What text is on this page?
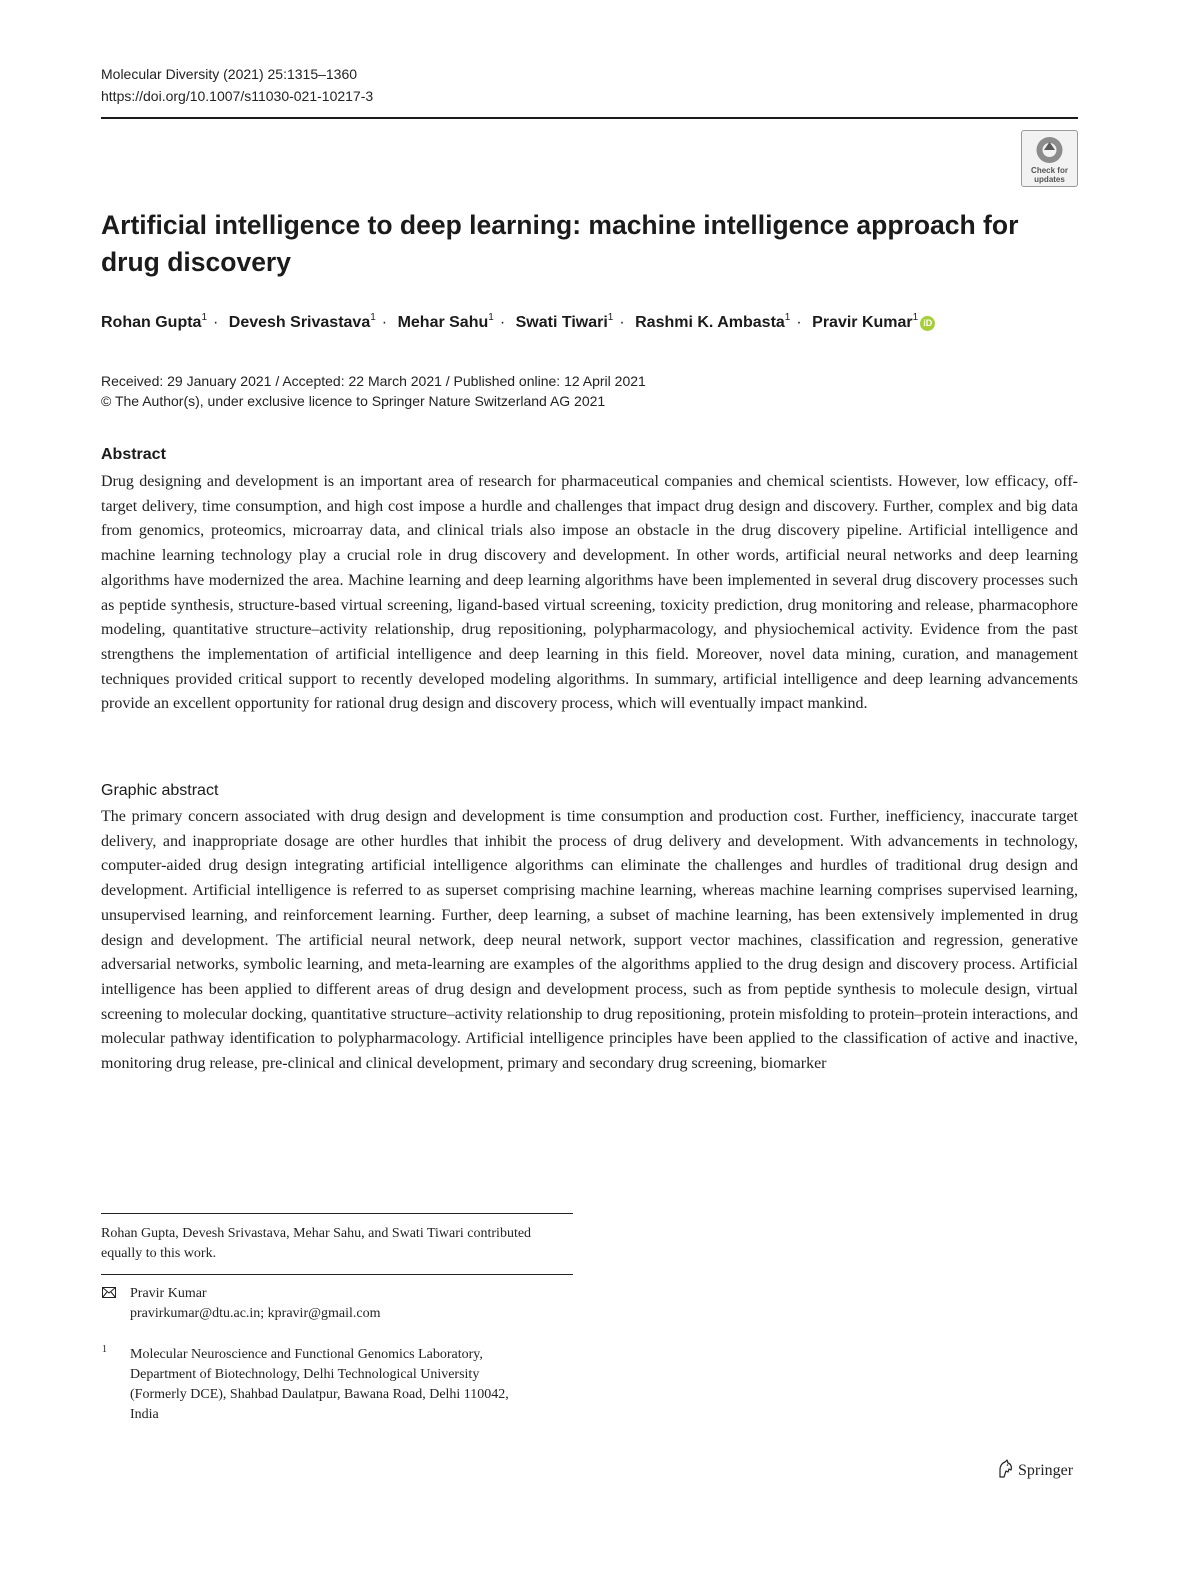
Molecular Diversity (2021) 25:1315–1360
https://doi.org/10.1007/s11030-021-10217-3
Check for
updates
Artificial intelligence to deep learning: machine intelligence approach for drug discovery
Rohan Gupta$^1$ · Devesh Srivastava$^1$ · Mehar Sahu$^1$ · Swati Tiwari$^1$ · Rashmi K. Ambasta$^1$ · Pravir Kumar$^1$ iD
Received: 29 January 2021 / Accepted: 22 March 2021 / Published online: 12 April 2021
© The Author(s), under exclusive licence to Springer Nature Switzerland AG 2021
Abstract
Drug designing and development is an important area of research for pharmaceutical companies and chemical scientists. However, low efficacy, off-target delivery, time consumption, and high cost impose a hurdle and challenges that impact drug design and discovery. Further, complex and big data from genomics, proteomics, microarray data, and clinical trials also impose an obstacle in the drug discovery pipeline. Artificial intelligence and machine learning technology play a crucial role in drug discovery and development. In other words, artificial neural networks and deep learning algorithms have modernized the area. Machine learning and deep learning algorithms have been implemented in several drug discovery processes such as peptide synthesis, structure-based virtual screening, ligand-based virtual screening, toxicity prediction, drug monitoring and release, pharmacophore modeling, quantitative structure–activity relationship, drug repositioning, polypharmacology, and physiochemical activity. Evidence from the past strengthens the implementation of artificial intelligence and deep learning in this field. Moreover, novel data mining, curation, and management techniques provided critical support to recently developed modeling algorithms. In summary, artificial intelligence and deep learning advancements provide an excellent opportunity for rational drug design and discovery process, which will eventually impact mankind.
Graphic abstract
The primary concern associated with drug design and development is time consumption and production cost. Further, inefficiency, inaccurate target delivery, and inappropriate dosage are other hurdles that inhibit the process of drug delivery and development. With advancements in technology, computer-aided drug design integrating artificial intelligence algorithms can eliminate the challenges and hurdles of traditional drug design and development. Artificial intelligence is referred to as superset comprising machine learning, whereas machine learning comprises supervised learning, unsupervised learning, and reinforcement learning. Further, deep learning, a subset of machine learning, has been extensively implemented in drug design and development. The artificial neural network, deep neural network, support vector machines, classification and regression, generative adversarial networks, symbolic learning, and meta-learning are examples of the algorithms applied to the drug design and discovery process. Artificial intelligence has been applied to different areas of drug design and development process, such as from peptide synthesis to molecule design, virtual screening to molecular docking, quantitative structure–activity relationship to drug repositioning, protein misfolding to protein–protein interactions, and molecular pathway identification to polypharmacology. Artificial intelligence principles have been applied to the classification of active and inactive, monitoring drug release, pre-clinical and clinical development, primary and secondary drug screening, biomarker
Rohan Gupta, Devesh Srivastava, Mehar Sahu, and Swati Tiwari contributed equally to this work.
Pravir Kumar
pravirkumar@dtu.ac.in; kpravir@gmail.com
1 Molecular Neuroscience and Functional Genomics Laboratory, Department of Biotechnology, Delhi Technological University (Formerly DCE), Shahbad Daulatpur, Bawana Road, Delhi 110042, India
Springer
